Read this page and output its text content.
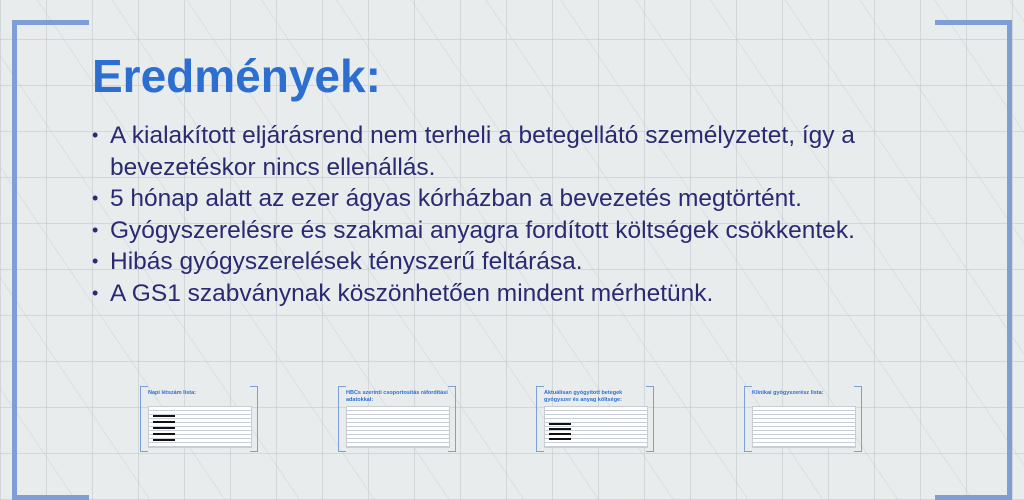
Eredmények:
• A kialakított eljárásrend nem terheli a betegellátó személyzetet, így a bevezetéskor nincs ellenállás.
• 5 hónap alatt az ezer ágyas kórházban a bevezetés megtörtént.
• Gyógyszerelésre és szakmai anyagra fordított költségek csökkentek.
• Hibás gyógyszerelések tényszerű feltárása.
• A GS1 szabványnak köszönhetően mindent mérhetünk.
Napi létszám lista:	HBCs szerinti csoportosítás ráfordítási adatokkal:
Aktuálisan gyógyított betegek gyógyszer és anyag költsége:
Klinikai gyógyszerész lista:
